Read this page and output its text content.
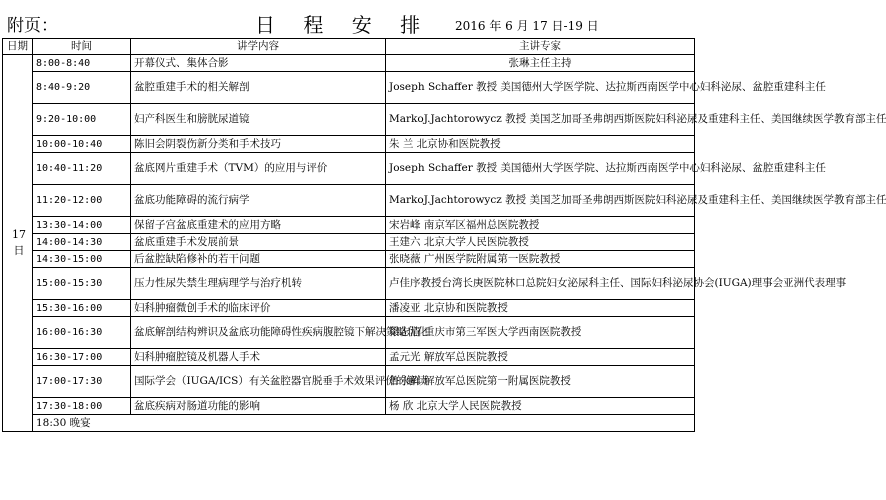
附页：	日 程 安 排 2016 年 6 月 17 日-19 日
日期	时间	讲学内容	主讲专家
17
日	8:00-8:40	开幕仪式、集体合影	张琳主任主持
	8:40-9:20	盆腔重建手术的相关解剖	Joseph Schaffer 教授 美国德州大学医学院、达拉斯西南医学中心妇科泌尿、盆腔重建科主任
	9:20-10:00	妇产科医生和膀胱尿道镜	MarkoJ.Jachtorowycz 教授 美国芝加哥圣弗朗西斯医院妇科泌尿及重建科主任、美国继续医学教育部主任
	10:00-10:40	陈旧会阴裂伤新分类和手术技巧	朱 兰 北京协和医院教授
	10:40-11:20	盆底网片重建手术（TVM）的应用与评价	Joseph Schaffer 教授 美国德州大学医学院、达拉斯西南医学中心妇科泌尿、盆腔重建科主任
	11:20-12:00	盆底功能障碍的流行病学	MarkoJ.Jachtorowycz 教授 美国芝加哥圣弗朗西斯医院妇科泌尿及重建科主任、美国继续医学教育部主任
	13:30-14:00	保留子宫盆底重建术的应用方略	宋岩峰 南京军区福州总医院教授
	14:00-14:30	盆底重建手术发展前景	王建六 北京大学人民医院教授
	14:30-15:00	后盆腔缺陷修补的若干问题	张晓薇 广州医学院附属第一医院教授
	15:00-15:30	压力性尿失禁生理病理学与治疗机转	卢佳序教授台湾长庚医院林口总院妇女泌尿科主任、国际妇科泌尿协会(IUGA)理事会亚洲代表理事
	15:30-16:00	妇科肿瘤微创手术的临床评价	潘凌亚 北京协和医院教授
	16:00-16:30	盆底解剖结构辨识及盆底功能障碍性疾病腹腔镜下解决策略优化	梁志清 重庆市第三军医大学西南医院教授
	16:30-17:00	妇科肿瘤腔镜及机器人手术	孟元光 解放军总医院教授
	17:00-17:30	国际学会（IUGA/ICS）有关盆腔器官脱垂手术效果评价的解读	鲁永鲜 解放军总医院第一附属医院教授
	17:30-18:00	盆底疾病对肠道功能的影响	杨 欣 北京大学人民医院教授
	18:30 晚宴		
